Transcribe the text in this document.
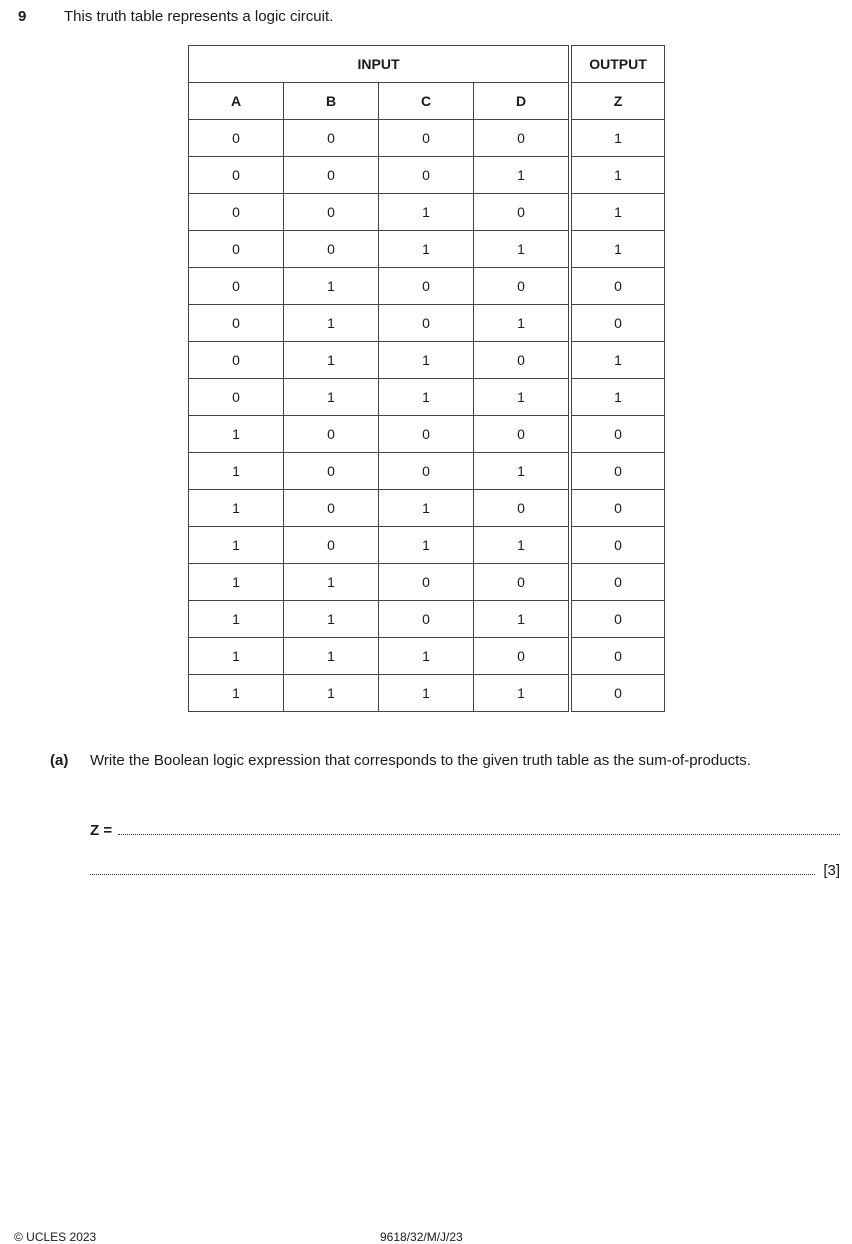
9	This truth table represents a logic circuit.
INPUT				OUTPUT
A	B	C	D	Z
0	0	0	0	1
0	0	0	1	1
0	0	1	0	1
0	0	1	1	1
0	1	0	0	0
0	1	0	1	0
0	1	1	0	1
0	1	1	1	1
1	0	0	0	0
1	0	0	1	0
1	0	1	0	0
1	0	1	1	0
1	1	0	0	0
1	1	0	1	0
1	1	1	0	0
1	1	1	1	0
(a) Write the Boolean logic expression that corresponds to the given truth table as the sum-of-products.
Z =
[3]
© UCLES 2023	9618/32/M/J/23
